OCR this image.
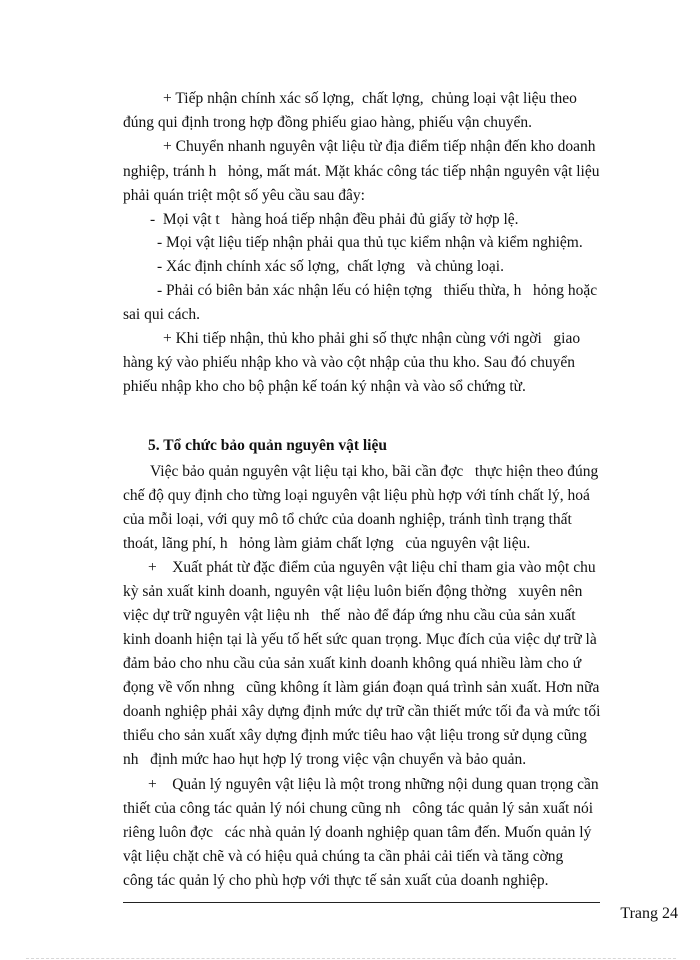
+ Tiếp nhận chính xác số lợng,  chất lợng,  chủng loại vật liệu theo
đúng qui định trong hợp đồng phiếu giao hàng, phiếu vận chuyển.
+ Chuyển nhanh nguyên vật liệu từ địa điểm tiếp nhận đến kho doanh
nghiệp, tránh h   hỏng, mất mát. Mặt khác công tác tiếp nhận nguyên vật liệu
phải quán triệt một số yêu cầu sau đây:
-  Mọi vật t   hàng hoá tiếp nhận đều phải đủ giấy tờ hợp lệ.
- Mọi vật liệu tiếp nhận phải qua thủ tục kiểm nhận và kiểm nghiệm.
- Xác định chính xác số lợng,  chất lợng   và chủng loại.
- Phải có biên bản xác nhận lếu có hiện tợng   thiếu thừa, h   hỏng hoặc
sai qui cách.
+ Khi tiếp nhận, thủ kho phải ghi số thực nhận cùng với ngời   giao
hàng ký vào phiếu nhập kho và vào cột nhập của thu kho. Sau đó chuyển
phiếu nhập kho cho bộ phận kế toán ký nhận và vào sổ chứng từ.
5. Tổ chức bảo quản nguyên vật liệu
Việc bảo quản nguyên vật liệu tại kho, bãi cần đợc   thực hiện theo đúng
chế độ quy định cho từng loại nguyên vật liệu phù hợp với tính chất lý, hoá
của mỗi loại, với quy mô tổ chức của doanh nghiệp, tránh tình trạng thất
thoát, lãng phí, h   hỏng làm giảm chất lợng   của nguyên vật liệu.
+    Xuất phát từ đặc điểm của nguyên vật liệu chỉ tham gia vào một chu
kỳ sản xuất kinh doanh, nguyên vật liệu luôn biến động thờng   xuyên nên
việc dự trữ nguyên vật liệu nh   thế  nào để đáp ứng nhu cầu của sản xuất
kinh doanh hiện tại là yếu tố hết sức quan trọng. Mục đích của việc dự trữ là
đảm bảo cho nhu cầu của sản xuất kinh doanh không quá nhiều làm cho ứ
đọng về vốn nhng   cũng không ít làm gián đoạn quá trình sản xuất. Hơn nữa
doanh nghiệp phải xây dựng định mức dự trữ cần thiết mức tối đa và mức tối
thiểu cho sản xuất xây dựng định mức tiêu hao vật liệu trong sử dụng cũng
nh   định mức hao hụt hợp lý trong việc vận chuyển và bảo quản.
+    Quản lý nguyên vật liệu là một trong những nội dung quan trọng cần
thiết của công tác quản lý nói chung cũng nh   công tác quản lý sản xuất nói
riêng luôn đợc   các nhà quản lý doanh nghiệp quan tâm đến. Muốn quản lý
vật liệu chặt chẽ và có hiệu quả chúng ta cần phải cải tiến và tăng cờng
công tác quản lý cho phù hợp với thực tế sản xuất của doanh nghiệp.
Trang 24
